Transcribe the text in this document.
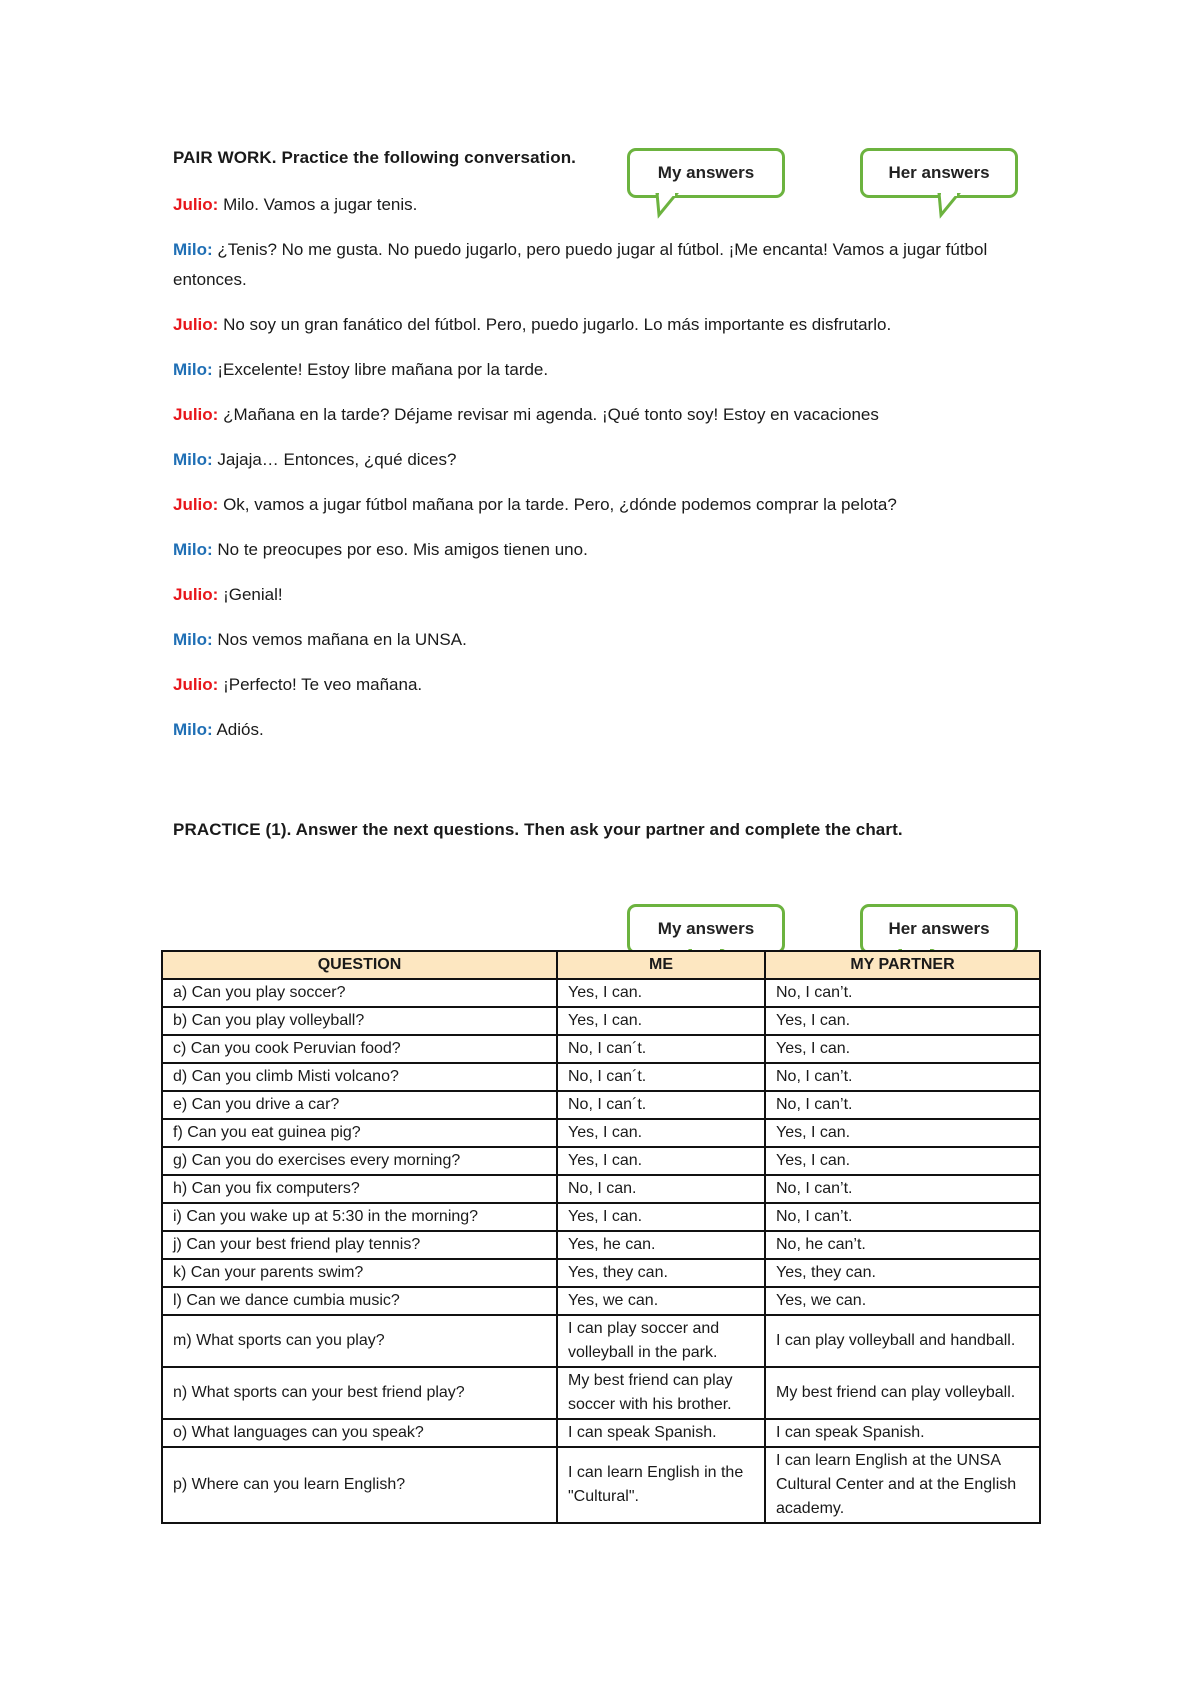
PAIR WORK. Practice the following conversation.
My answers	Her answers
Julio: Milo. Vamos a jugar tenis.
Milo: ¿Tenis? No me gusta. No puedo jugarlo, pero puedo jugar al fútbol. ¡Me encanta! Vamos a jugar fútbol entonces.
Julio: No soy un gran fanático del fútbol. Pero, puedo jugarlo. Lo más importante es disfrutarlo.
Milo: ¡Excelente! Estoy libre mañana por la tarde.
Julio: ¿Mañana en la tarde? Déjame revisar mi agenda. ¡Qué tonto soy! Estoy en vacaciones
Milo: Jajaja… Entonces, ¿qué dices?
Julio: Ok, vamos a jugar fútbol mañana por la tarde. Pero, ¿dónde podemos comprar la pelota?
Milo: No te preocupes por eso. Mis amigos tienen uno.
Julio: ¡Genial!
Milo: Nos vemos mañana en la UNSA.
Julio: ¡Perfecto! Te veo mañana.
Milo: Adiós.
PRACTICE (1). Answer the next questions. Then ask your partner and complete the chart.
My answers	Her answers
QUESTION	ME	MY PARTNER
a) Can you play soccer?	Yes, I can.	No, I can’t.
b) Can you play volleyball?	Yes, I can.	Yes, I can.
c) Can you cook Peruvian food?	No, I can´t.	Yes, I can.
d) Can you climb Misti volcano?	No, I can´t.	No, I can’t.
e) Can you drive a car?	No, I can´t.	No, I can’t.
f) Can you eat guinea pig?	Yes, I can.	Yes, I can.
g) Can you do exercises every morning?	Yes, I can.	Yes, I can.
h) Can you fix computers?	No, I can.	No, I can’t.
i) Can you wake up at 5:30 in the morning?	Yes, I can.	No, I can’t.
j) Can your best friend play tennis?	Yes, he can.	No, he can’t.
k) Can your parents swim?	Yes, they can.	Yes, they can.
l) Can we dance cumbia music?	Yes, we can.	Yes, we can.
m) What sports can you play?	I can play soccer and volleyball in the park.	I can play volleyball and handball.
n) What sports can your best friend play?	My best friend can play soccer with his brother.	My best friend can play volleyball.
o) What languages can you speak?	I can speak Spanish.	I can speak Spanish.
p) Where can you learn English?	I can learn English in the "Cultural".	I can learn English at the UNSA Cultural Center and at the English academy.
